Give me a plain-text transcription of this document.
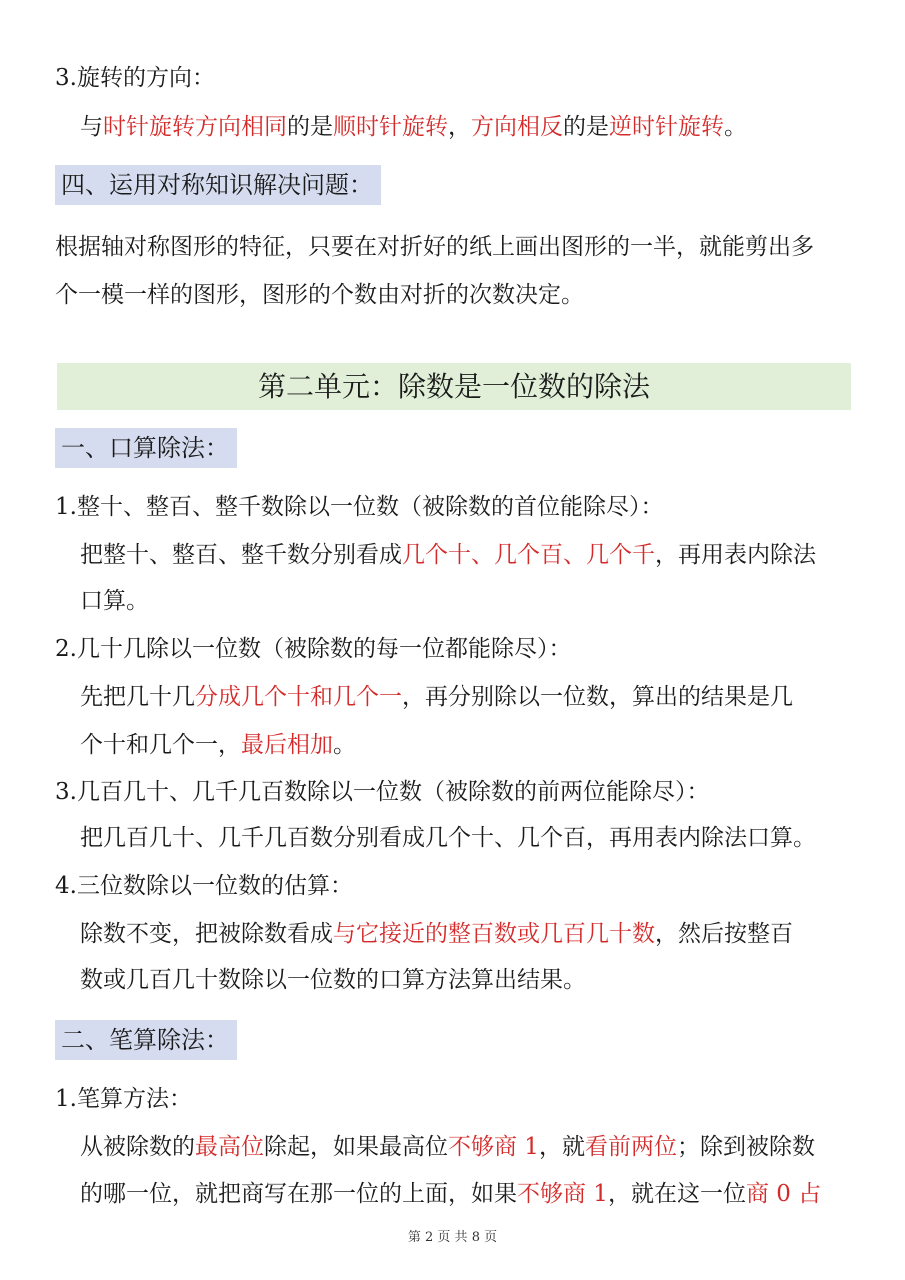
3.旋转的方向：
与时针旋转方向相同的是顺时针旋转，方向相反的是逆时针旋转。
四、运用对称知识解决问题：
根据轴对称图形的特征，只要在对折好的纸上画出图形的一半，就能剪出多
个一模一样的图形，图形的个数由对折的次数决定。
第二单元：除数是一位数的除法
一、口算除法：
1.整十、整百、整千数除以一位数（被除数的首位能除尽）：
把整十、整百、整千数分别看成几个十、几个百、几个千，再用表内除法
口算。
2.几十几除以一位数（被除数的每一位都能除尽）：
先把几十几分成几个十和几个一，再分别除以一位数，算出的结果是几
个十和几个一，最后相加。
3.几百几十、几千几百数除以一位数（被除数的前两位能除尽）：
把几百几十、几千几百数分别看成几个十、几个百，再用表内除法口算。
4.三位数除以一位数的估算：
除数不变，把被除数看成与它接近的整百数或几百几十数，然后按整百
数或几百几十数除以一位数的口算方法算出结果。
二、笔算除法：
1.笔算方法：
从被除数的最高位除起，如果最高位不够商 1，就看前两位；除到被除数
的哪一位，就把商写在那一位的上面，如果不够商 1，就在这一位商 0 占
第 2 页 共 8 页
